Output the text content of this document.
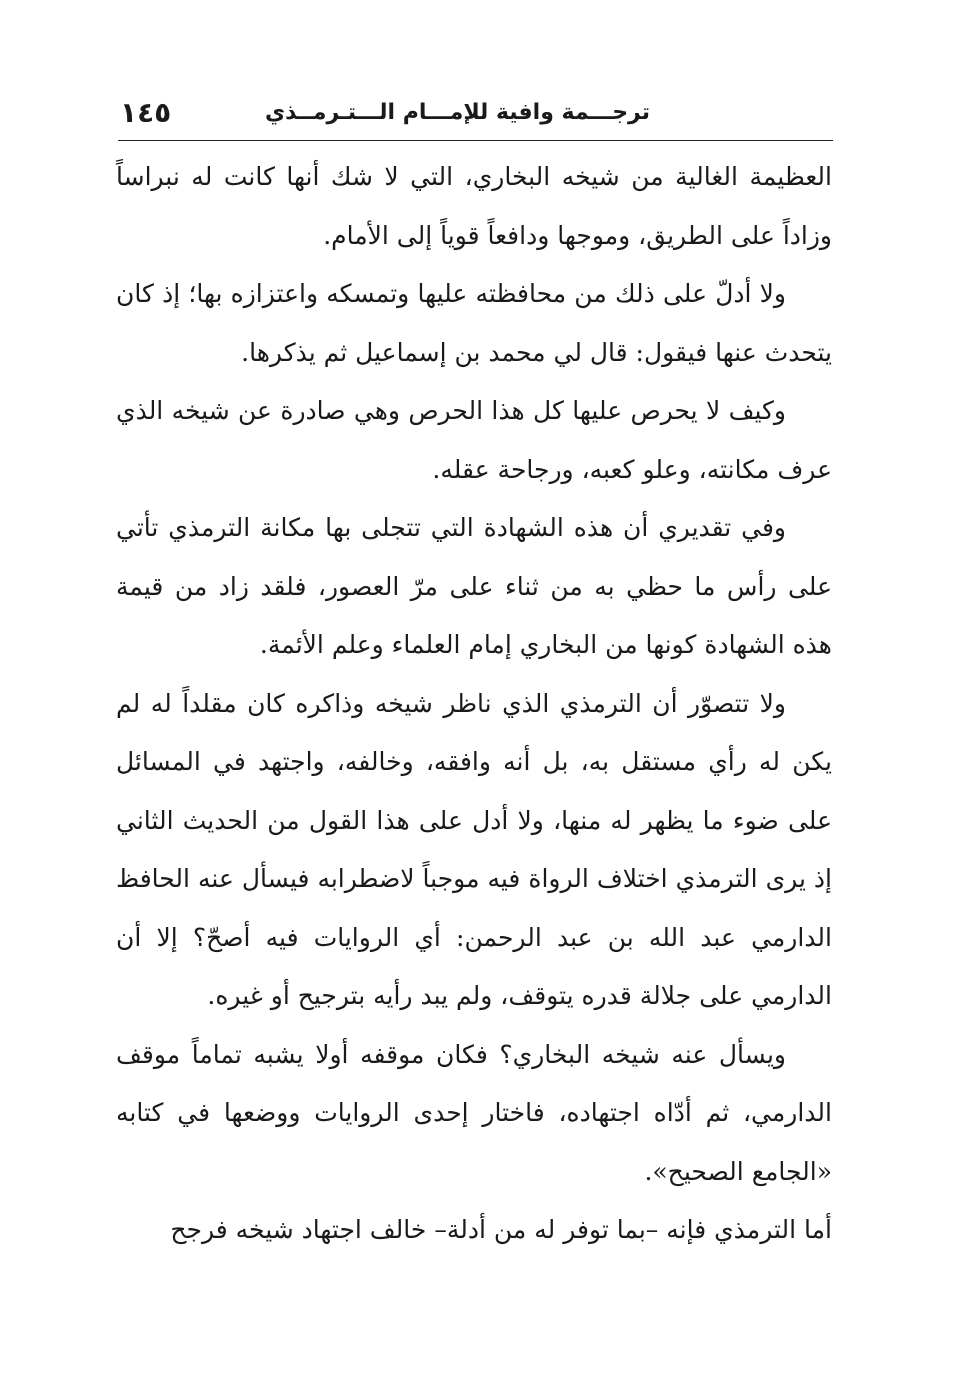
١٤٥	ترجـــمة وافية للإمـــام الـــتـرمــذي

العظيمة الغالية من شيخه البخاري، التي لا شك أنها كانت له نبراساً وزاداً على الطريق، وموجها ودافعاً قوياً إلى الأمام.

ولا أدلّ على ذلك من محافظته عليها وتمسكه واعتزازه بها؛ إذ كان يتحدث عنها فيقول: قال لي محمد بن إسماعيل ثم يذكرها.

وكيف لا يحرص عليها كل هذا الحرص وهي صادرة عن شيخه الذي عرف مكانته، وعلو كعبه، ورجاحة عقله.

وفي تقديري أن هذه الشهادة التي تتجلى بها مكانة الترمذي تأتي على رأس ما حظي به من ثناء على مرّ العصور، فلقد زاد من قيمة هذه الشهادة كونها من البخاري إمام العلماء وعلم الأئمة.

ولا تتصوّر أن الترمذي الذي ناظر شيخه وذاكره كان مقلداً له لم يكن له رأي مستقل به، بل أنه وافقه، وخالفه، واجتهد في المسائل على ضوء ما يظهر له منها، ولا أدل على هذا القول من الحديث الثاني إذ يرى الترمذي اختلاف الرواة فيه موجباً لاضطرابه فيسأل عنه الحافظ الدارمي عبد الله بن عبد الرحمن: أي الروايات فيه أصحّ؟ إلا أن الدارمي على جلالة قدره يتوقف، ولم يبد رأيه بترجيح أو غيره.

ويسأل عنه شيخه البخاري؟ فكان موقفه أولا يشبه تماماً موقف الدارمي، ثم أدّاه اجتهاده، فاختار إحدى الروايات ووضعها في كتابه «الجامع الصحيح».

أما الترمذي فإنه –بما توفر له من أدلة– خالف اجتهاد شيخه فرجح
